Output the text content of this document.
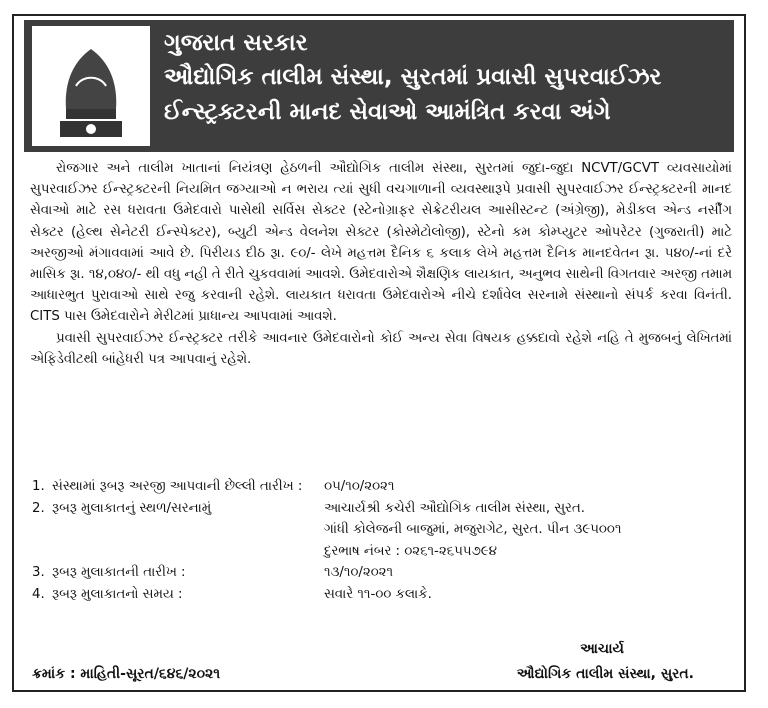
ગુજરાત સરકાર
ઔદ્યોગિક તાલીમ સંસ્થા, સુરતમાં પ્રવાસી સુપરવાઈઝર
ઈન્સ્ટ્રક્ટરની માનદ સેવાઓ આમંત્રિત કરવા અંગે

રોજગાર અને તાલીમ ખાતાનાં નિયંત્રણ હેઠળની ઔદ્યોગિક તાલીમ સંસ્થા, સુરતમાં જુદા-જુદા NCVT/GCVT વ્યવસાયોમાં સુપરવાઈઝર ઈન્સ્ટ્રક્ટરની નિયમિત જગ્યાઓ ન ભરાય ત્યાં સુધી વચગાળાની વ્યવસ્થારૂપે પ્રવાસી સુપરવાઈઝર ઈન્સ્ટ્રક્ટરની માનદ સેવાઓ માટે રસ ધરાવતા ઉમેદવારો પાસેથી સર્વિસ સેક્ટર (સ્ટેનોગ્રાફર સેક્રેટરીયલ આસીસ્ટન્ટ (અંગ્રેજી), મેડીકલ એન્ડ નર્સીંગ સેક્ટર (હેલ્થ સેનેટરી ઈન્સ્પેક્ટર), બ્યુટી એન્ડ વેલનેશ સેક્ટર (કોસ્મેટોલોજી), સ્ટેનો કમ કોમ્પ્યુટર ઓપરેટર (ગુજરાતી) માટે અરજીઓ મંગાવવામાં આવે છે. પિરીયડ દીઠ રૂા. ૯૦/- લેખે મહત્તમ દૈનિક ૬ કલાક લેખે મહત્તમ દૈનિક માનદવેતન રૂા. ૫૪૦/-નાં દરે માસિક રૂા. ૧૪,૦૪૦/- થી વધુ નહી તે રીતે ચુકવવામાં આવશે. ઉમેદવારોએ શૈક્ષણિક લાયકાત, અનુભવ સાથેની વિગતવાર અરજી તમામ આધારભુત પુરાવાઓ સાથે રજુ કરવાની રહેશે. લાયકાત ધરાવતા ઉમેદવારોએ નીચે દર્શાવેલ સરનામે સંસ્થાનો સંપર્ક કરવા વિનંતી. CITS પાસ ઉમેદવારોને મેરીટમાં પ્રાધાન્ય આપવામાં આવશે.

પ્રવાસી સુપરવાઈઝર ઈન્સ્ટ્રક્ટર તરીકે આવનાર ઉમેદવારોનો કોઈ અન્ય સેવા વિષયક હક્કદાવો રહેશે નહિ તે મુજબનું લેખિતમાં એફિડેવીટથી બાંહેધરી પત્ર આપવાનું રહેશે.

1. સંસ્થામાં રૂબરૂ અરજી આપવાની છેલ્લી તારીખ :	૦૫/૧૦/૨૦૨૧
2. રૂબરૂ મુલાકાતનું સ્થળ/સરનામું	આચાર્યશ્રી કચેરી ઔદ્યોગિક તાલીમ સંસ્થા, સુરત.
ગાંધી કોલેજની બાજુમાં, મજુરાગેટ, સુરત. પીન ૩૯૫૦૦૧
દુરભાષ નંબર : ૦૨૬૧-૨૬૫૫૭૯૪
3. રૂબરૂ મુલાકાતની તારીખ :	૧૩/૧૦/૨૦૨૧
4. રૂબરૂ મુલાકાતનો સમય :	સવારે ૧૧-૦૦ કલાકે.
આચાર્ય
ઔદ્યોગિક તાલીમ સંસ્થા, સુરત.
ક્રમાંક : માહિતી-સૂરત/૬૪૬/૨૦૨૧
